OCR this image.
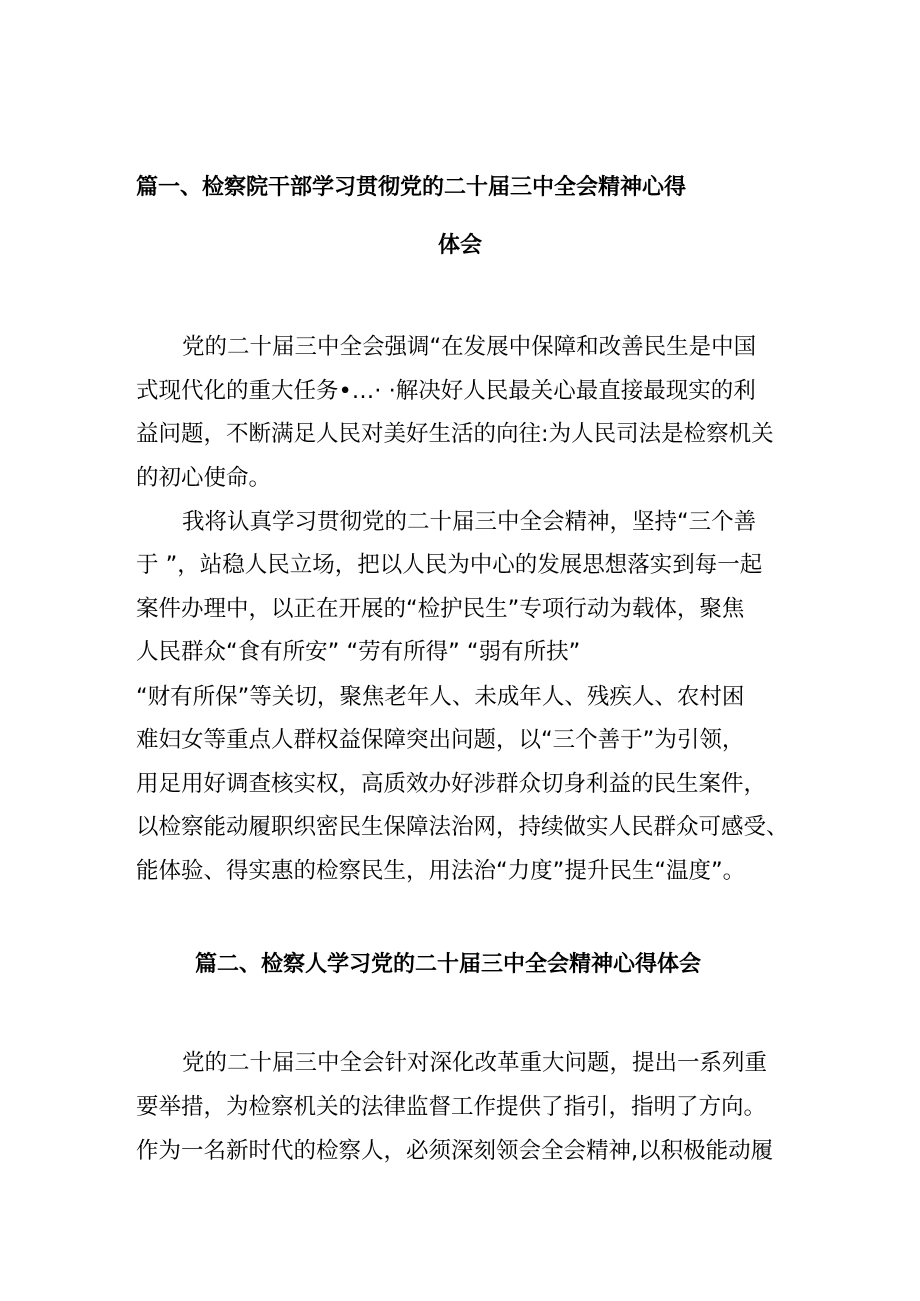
篇一、检察院干部学习贯彻党的二十届三中全会精神心得
体会

党的二十届三中全会强调“在发展中保障和改善民生是中国

式现代化的重大任务•…· ·解决好人民最关心最直接最现实的利

益问题，不断满足人民对美好生活的向往:为人民司法是检察机关

的初心使命。

我将认真学习贯彻党的二十届三中全会精神，坚持“三个善

于 ”，站稳人民立场，把以人民为中心的发展思想落实到每一起

案件办理中，以正在开展的“检护民生”专项行动为载体，聚焦

人民群众“食有所安” “劳有所得” “弱有所扶”

“财有所保”等关切，聚焦老年人、未成年人、残疾人、农村困

难妇女等重点人群权益保障突出问题，以“三个善于”为引领，

用足用好调查核实权，高质效办好涉群众切身利益的民生案件，

以检察能动履职织密民生保障法治网，持续做实人民群众可感受、

能体验、得实惠的检察民生，用法治“力度”提升民生“温度”。

篇二、检察人学习党的二十届三中全会精神心得体会

党的二十届三中全会针对深化改革重大问题，提出一系列重

要举措，为检察机关的法律监督工作提供了指引，指明了方向。

作为一名新时代的检察人，必须深刻领会全会精神,以积极能动履
